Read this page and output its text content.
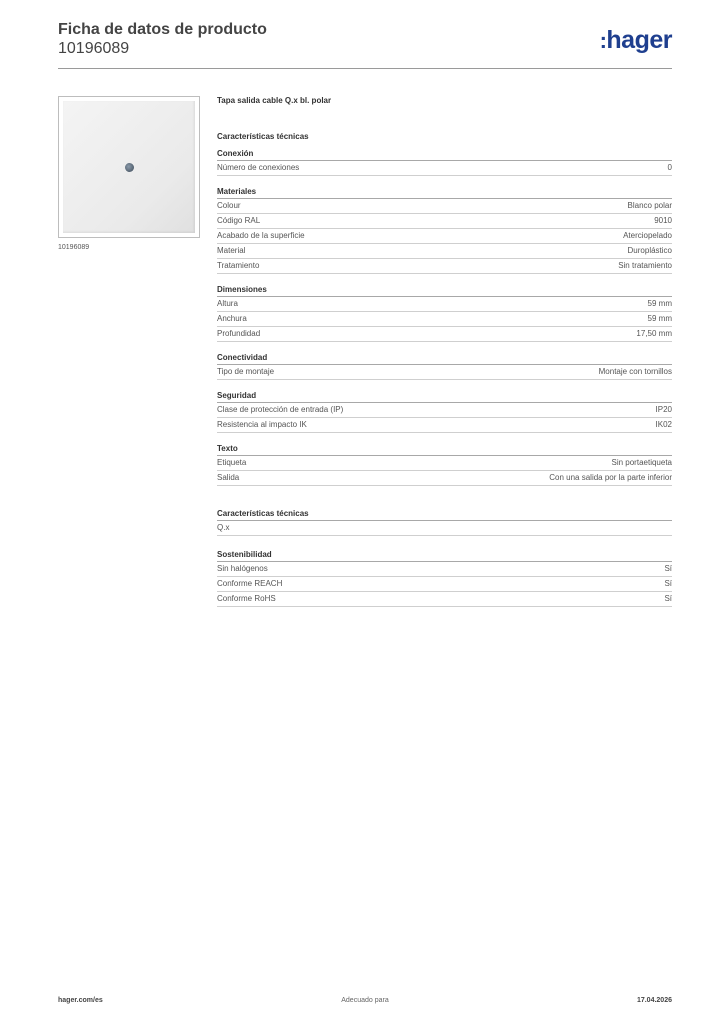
Ficha de datos de producto
10196089	:hager
10196089
Tapa salida cable Q.x bl. polar
Características técnicas
Conexión
Número de conexiones	0
Materiales
Colour	Blanco polar
Código RAL	9010
Acabado de la superficie	Aterciopelado
Material	Duroplástico
Tratamiento	Sin tratamiento
Dimensiones
Altura	59 mm
Anchura	59 mm
Profundidad	17,50 mm
Conectividad
Tipo de montaje	Montaje con tornillos
Seguridad
Clase de protección de entrada (IP)	IP20
Resistencia al impacto IK	IK02
Texto
Etiqueta	Sin portaetiqueta
Salida	Con una salida por la parte inferior
Características técnicas
Q.x
Sostenibilidad
Sin halógenos	Sí
Conforme REACH	Sí
Conforme RoHS	Sí
hager.com/es	Adecuado para	17.04.2026
